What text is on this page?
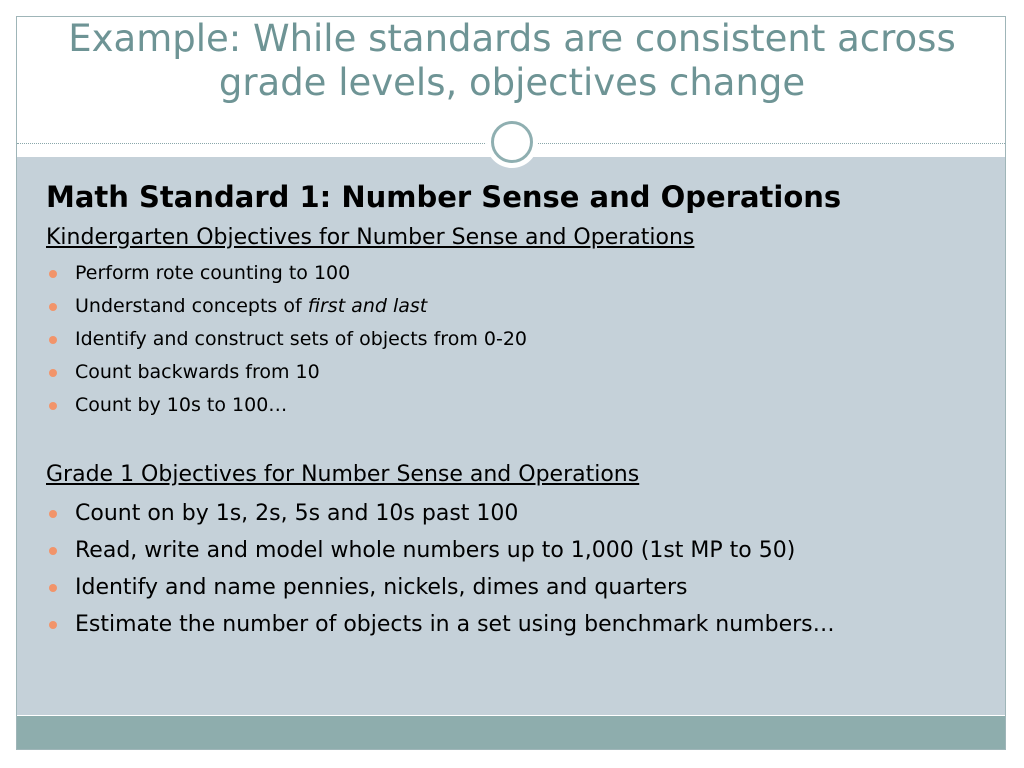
Example: While standards are consistent across
grade levels, objectives change
Math Standard 1: Number Sense and Operations
Kindergarten Objectives for Number Sense and Operations
Perform rote counting to 100
Understand concepts of first and last
Identify and construct sets of objects from 0-20
Count backwards from 10
Count by 10s to 100…
Grade 1 Objectives for Number Sense and Operations
Count on by 1s, 2s, 5s and 10s past 100
Read, write and model whole numbers up to 1,000 (1st MP to 50)
Identify and name pennies, nickels, dimes and quarters
Estimate the number of objects in a set using benchmark numbers…
